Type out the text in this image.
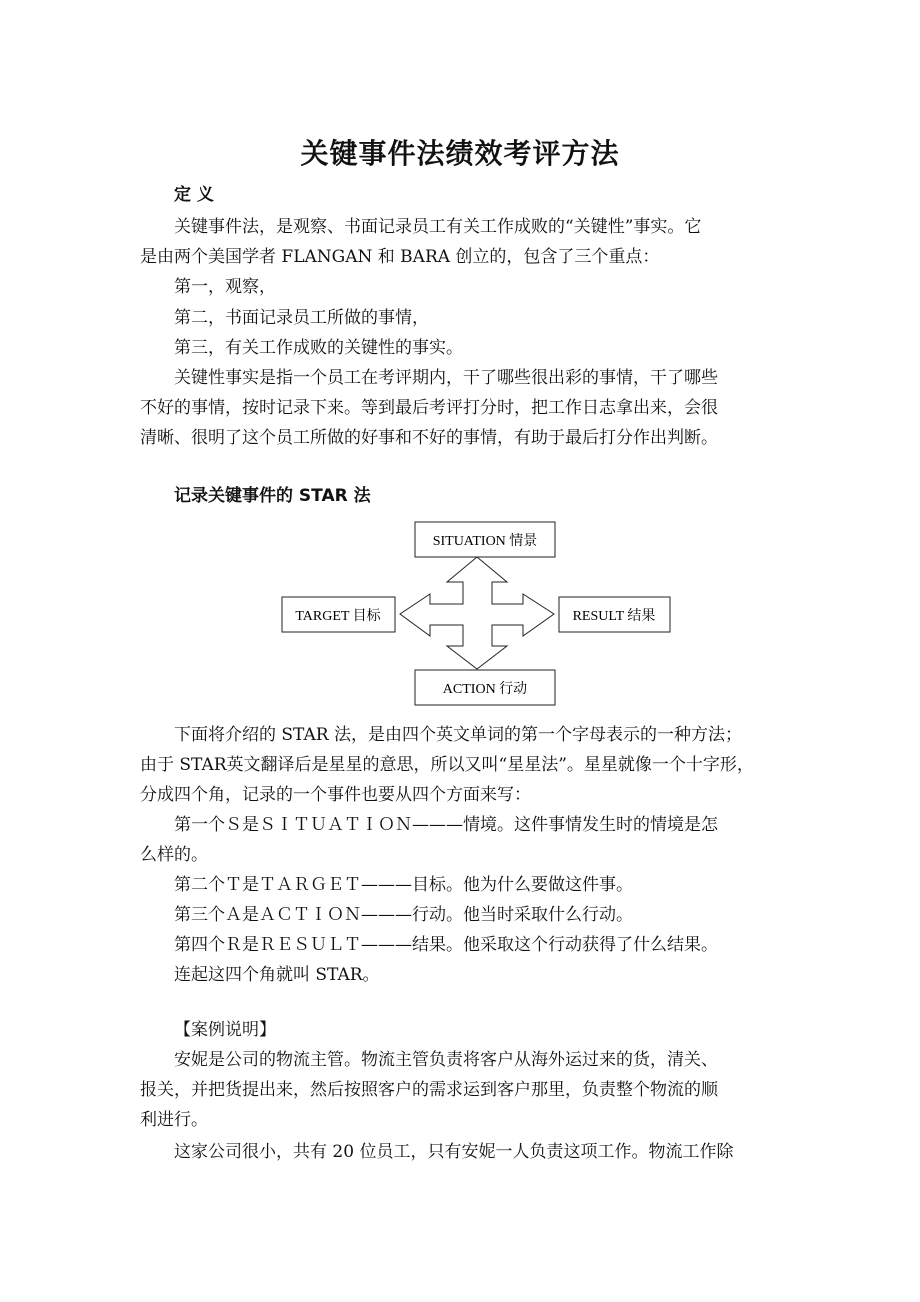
关键事件法绩效考评方法
定 义
关键事件法，是观察、书面记录员工有关工作成败的“关键性”事实。它
是由两个美国学者 FLANGAN 和 BARA 创立的，包含了三个重点：
第一，观察，
第二，书面记录员工所做的事情，
第三，有关工作成败的关键性的事实。
关键性事实是指一个员工在考评期内，干了哪些很出彩的事情，干了哪些
不好的事情，按时记录下来。等到最后考评打分时，把工作日志拿出来，会很
清晰、很明了这个员工所做的好事和不好的事情，有助于最后打分作出判断。
记录关键事件的 STAR 法
SITUATION 情景
TARGET 目标	RESULT 结果
ACTION 行动
下面将介绍的 STAR 法，是由四个英文单词的第一个字母表示的一种方法；
由于 STAR英文翻译后是星星的意思，所以又叫“星星法”。星星就像一个十字形，
分成四个角，记录的一个事件也要从四个方面来写：
第一个Ｓ是ＳＩＴＵＡＴＩＯＮ———情境。这件事情发生时的情境是怎
么样的。
第二个Ｔ是ＴＡＲＧＥＴ———目标。他为什么要做这件事。
第三个Ａ是ＡＣＴＩＯＮ———行动。他当时采取什么行动。
第四个Ｒ是ＲＥＳＵＬＴ———结果。他采取这个行动获得了什么结果。
连起这四个角就叫 STAR。
【案例说明】
安妮是公司的物流主管。物流主管负责将客户从海外运过来的货，清关、
报关，并把货提出来，然后按照客户的需求运到客户那里，负责整个物流的顺
利进行。
这家公司很小，共有 20 位员工，只有安妮一人负责这项工作。物流工作除
